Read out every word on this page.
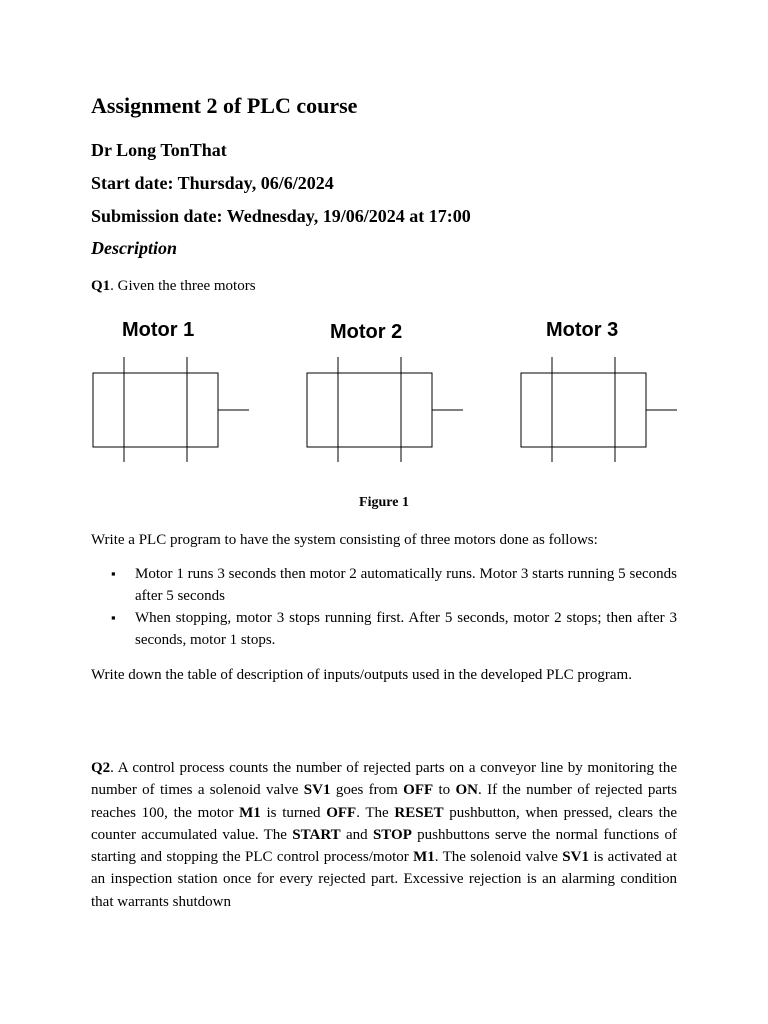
Assignment 2 of PLC course
Dr Long TonThat
Start date: Thursday, 06/6/2024
Submission date: Wednesday, 19/06/2024 at 17:00
Description
Q1. Given the three motors
Motor 1	Motor 2	Motor 3
Figure 1
Write a PLC program to have the system consisting of three motors done as follows:
▪ Motor 1 runs 3 seconds then motor 2 automatically runs. Motor 3 starts running 5 seconds after 5 seconds
▪ When stopping, motor 3 stops running first. After 5 seconds, motor 2 stops; then after 3 seconds, motor 1 stops.
Write down the table of description of inputs/outputs used in the developed PLC program.
Q2. A control process counts the number of rejected parts on a conveyor line by monitoring the number of times a solenoid valve SV1 goes from OFF to ON. If the number of rejected parts reaches 100, the motor M1 is turned OFF. The RESET pushbutton, when pressed, clears the counter accumulated value. The START and STOP pushbuttons serve the normal functions of starting and stopping the PLC control process/motor M1. The solenoid valve SV1 is activated at an inspection station once for every rejected part. Excessive rejection is an alarming condition that warrants shutdown
